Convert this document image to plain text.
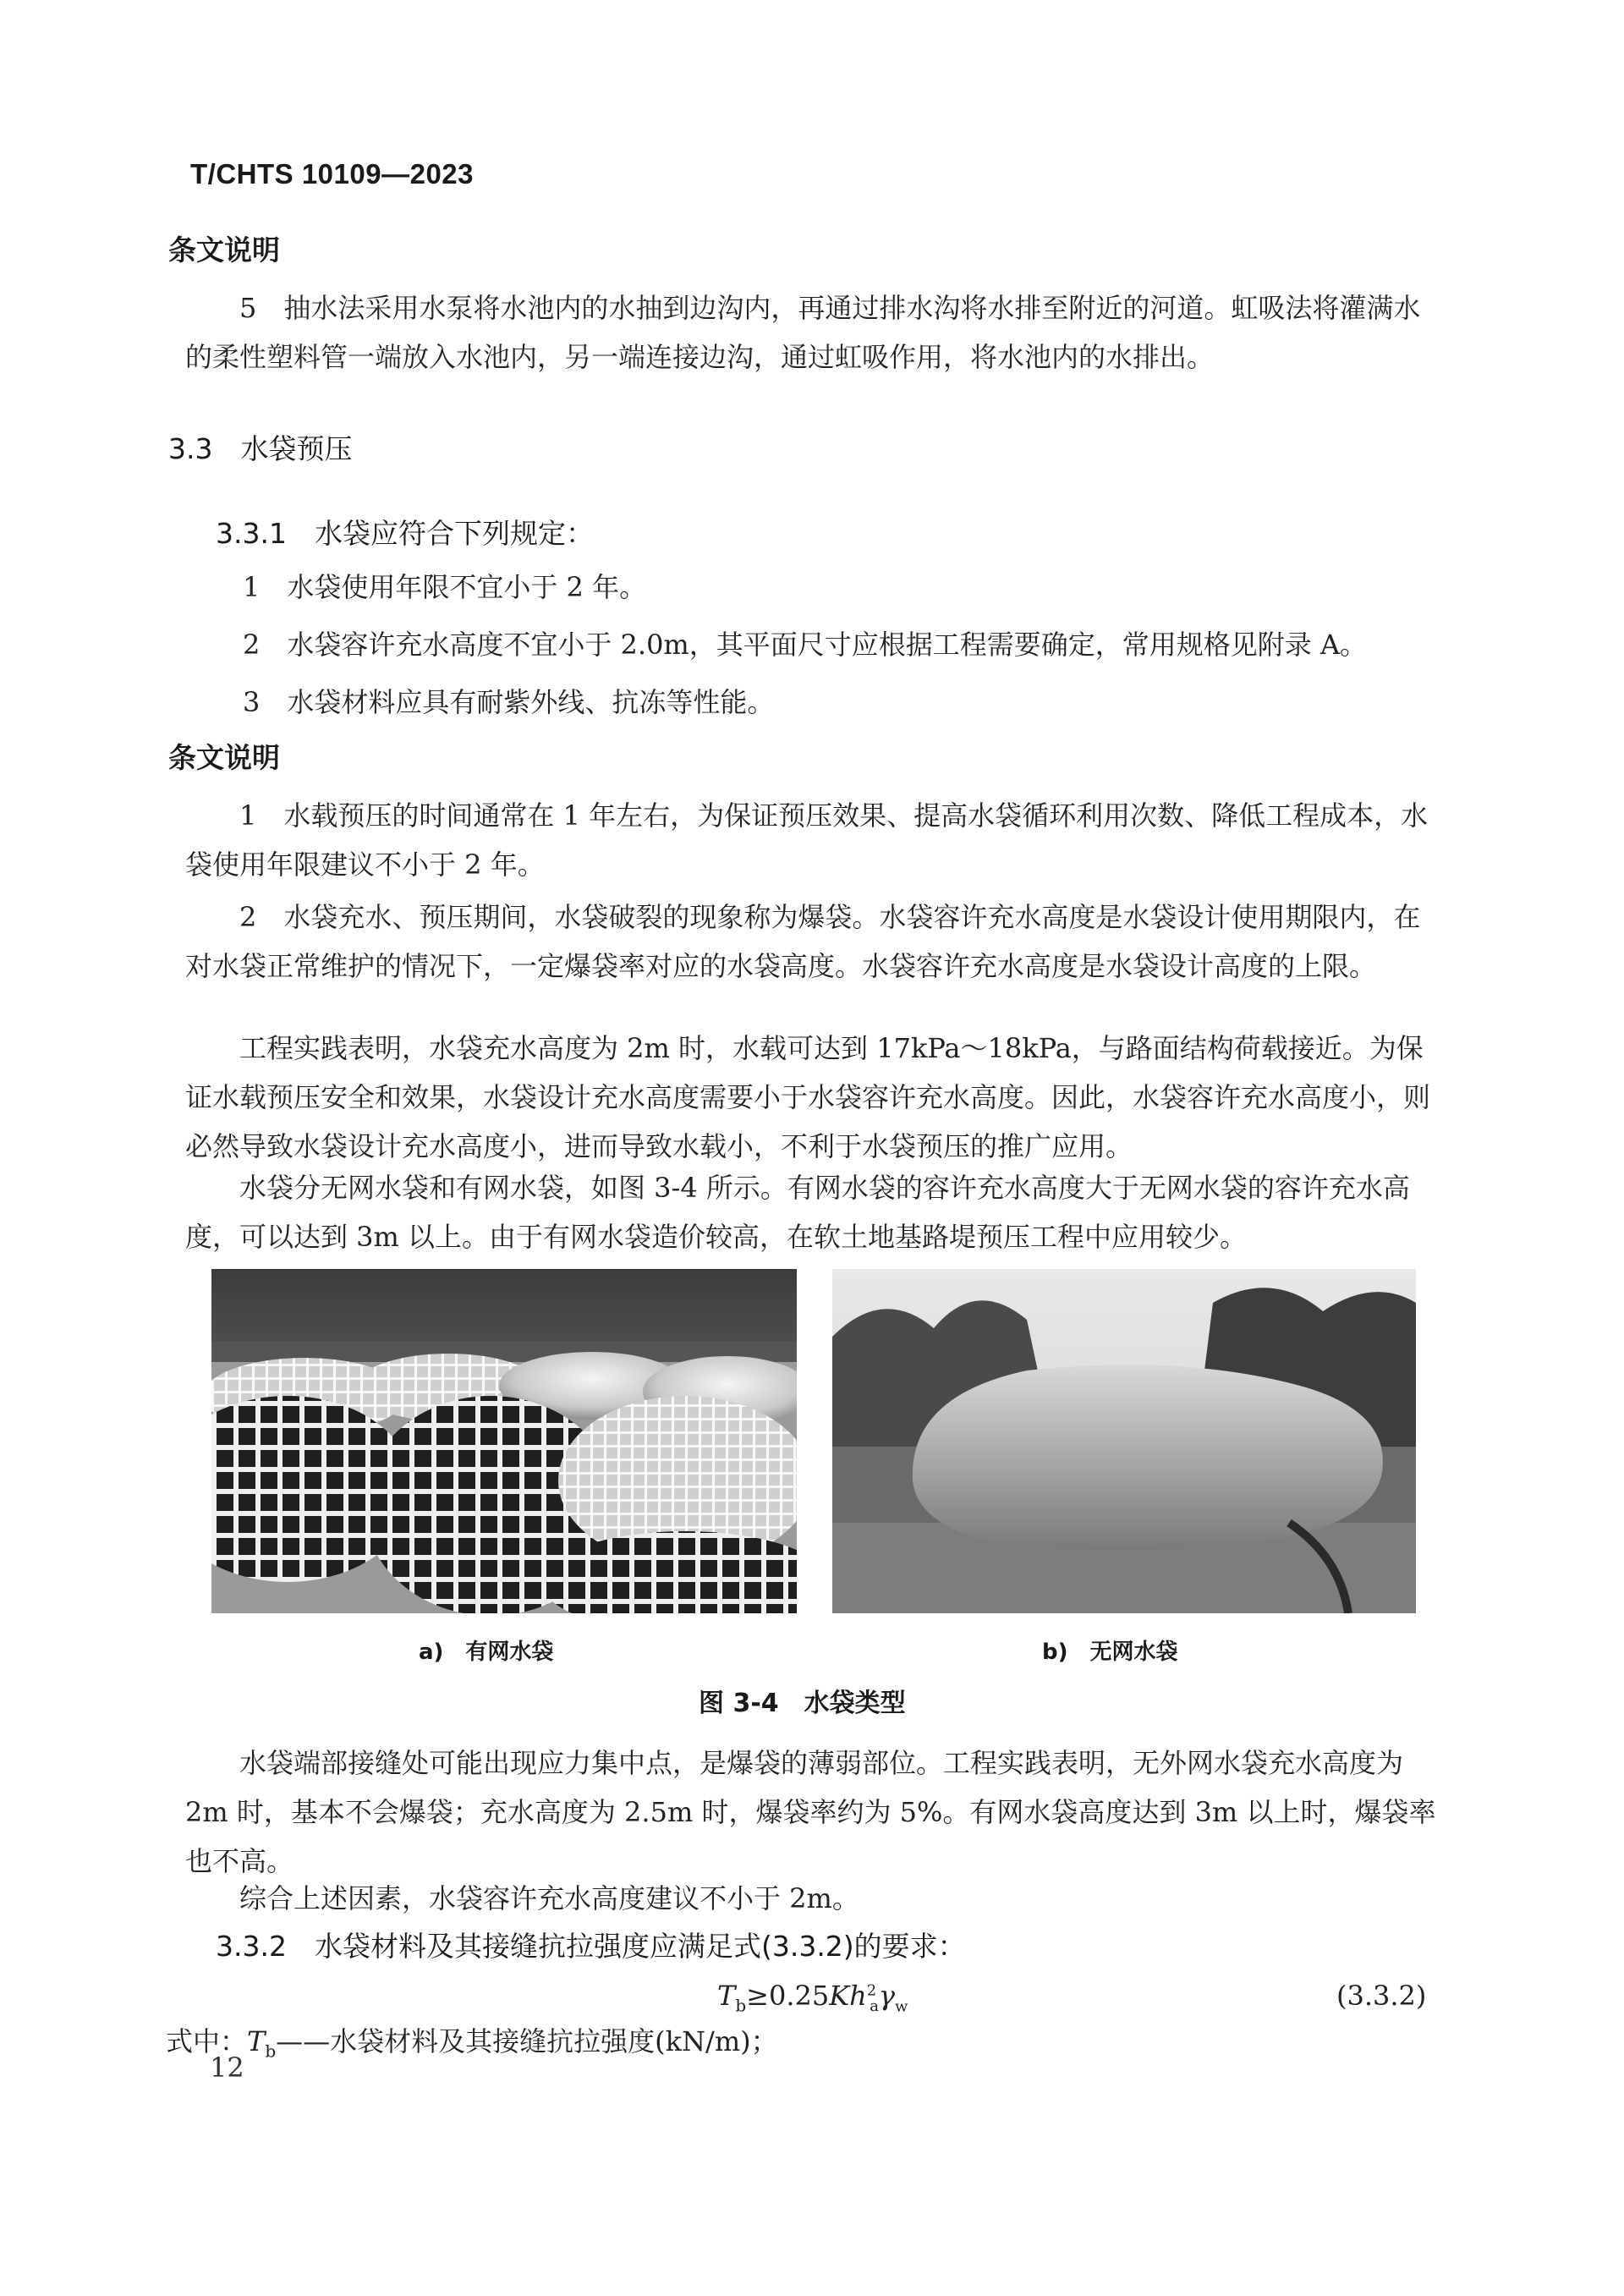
T/CHTS 10109—2023
条文说明
5　抽水法采用水泵将水池内的水抽到边沟内，再通过排水沟将水排至附近的河道。虹吸法将灌满水的柔性塑料管一端放入水池内，另一端连接边沟，通过虹吸作用，将水池内的水排出。
3.3　水袋预压
3.3.1　水袋应符合下列规定：
1　水袋使用年限不宜小于 2 年。
2　水袋容许充水高度不宜小于 2.0m，其平面尺寸应根据工程需要确定，常用规格见附录 A。
3　水袋材料应具有耐紫外线、抗冻等性能。
条文说明
1　水载预压的时间通常在 1 年左右，为保证预压效果、提高水袋循环利用次数、降低工程成本，水袋使用年限建议不小于 2 年。
2　水袋充水、预压期间，水袋破裂的现象称为爆袋。水袋容许充水高度是水袋设计使用期限内，在对水袋正常维护的情况下，一定爆袋率对应的水袋高度。水袋容许充水高度是水袋设计高度的上限。
工程实践表明，水袋充水高度为 2m 时，水载可达到 17kPa～18kPa，与路面结构荷载接近。为保证水载预压安全和效果，水袋设计充水高度需要小于水袋容许充水高度。因此，水袋容许充水高度小，则必然导致水袋设计充水高度小，进而导致水载小，不利于水袋预压的推广应用。
水袋分无网水袋和有网水袋，如图 3-4 所示。有网水袋的容许充水高度大于无网水袋的容许充水高度，可以达到 3m 以上。由于有网水袋造价较高，在软土地基路堤预压工程中应用较少。
a)　有网水袋	b)　无网水袋
图 3-4　水袋类型
水袋端部接缝处可能出现应力集中点，是爆袋的薄弱部位。工程实践表明，无外网水袋充水高度为 2m 时，基本不会爆袋；充水高度为 2.5m 时，爆袋率约为 5%。有网水袋高度达到 3m 以上时，爆袋率也不高。
综合上述因素，水袋容许充水高度建议不小于 2m。
3.3.2　水袋材料及其接缝抗拉强度应满足式(3.3.2)的要求：
$T_b\ge 0.25Kh^2_a\gamma_w$	(3.3.2)
式中：$T_b——$水袋材料及其接缝抗拉强度(kN/m)；
12
